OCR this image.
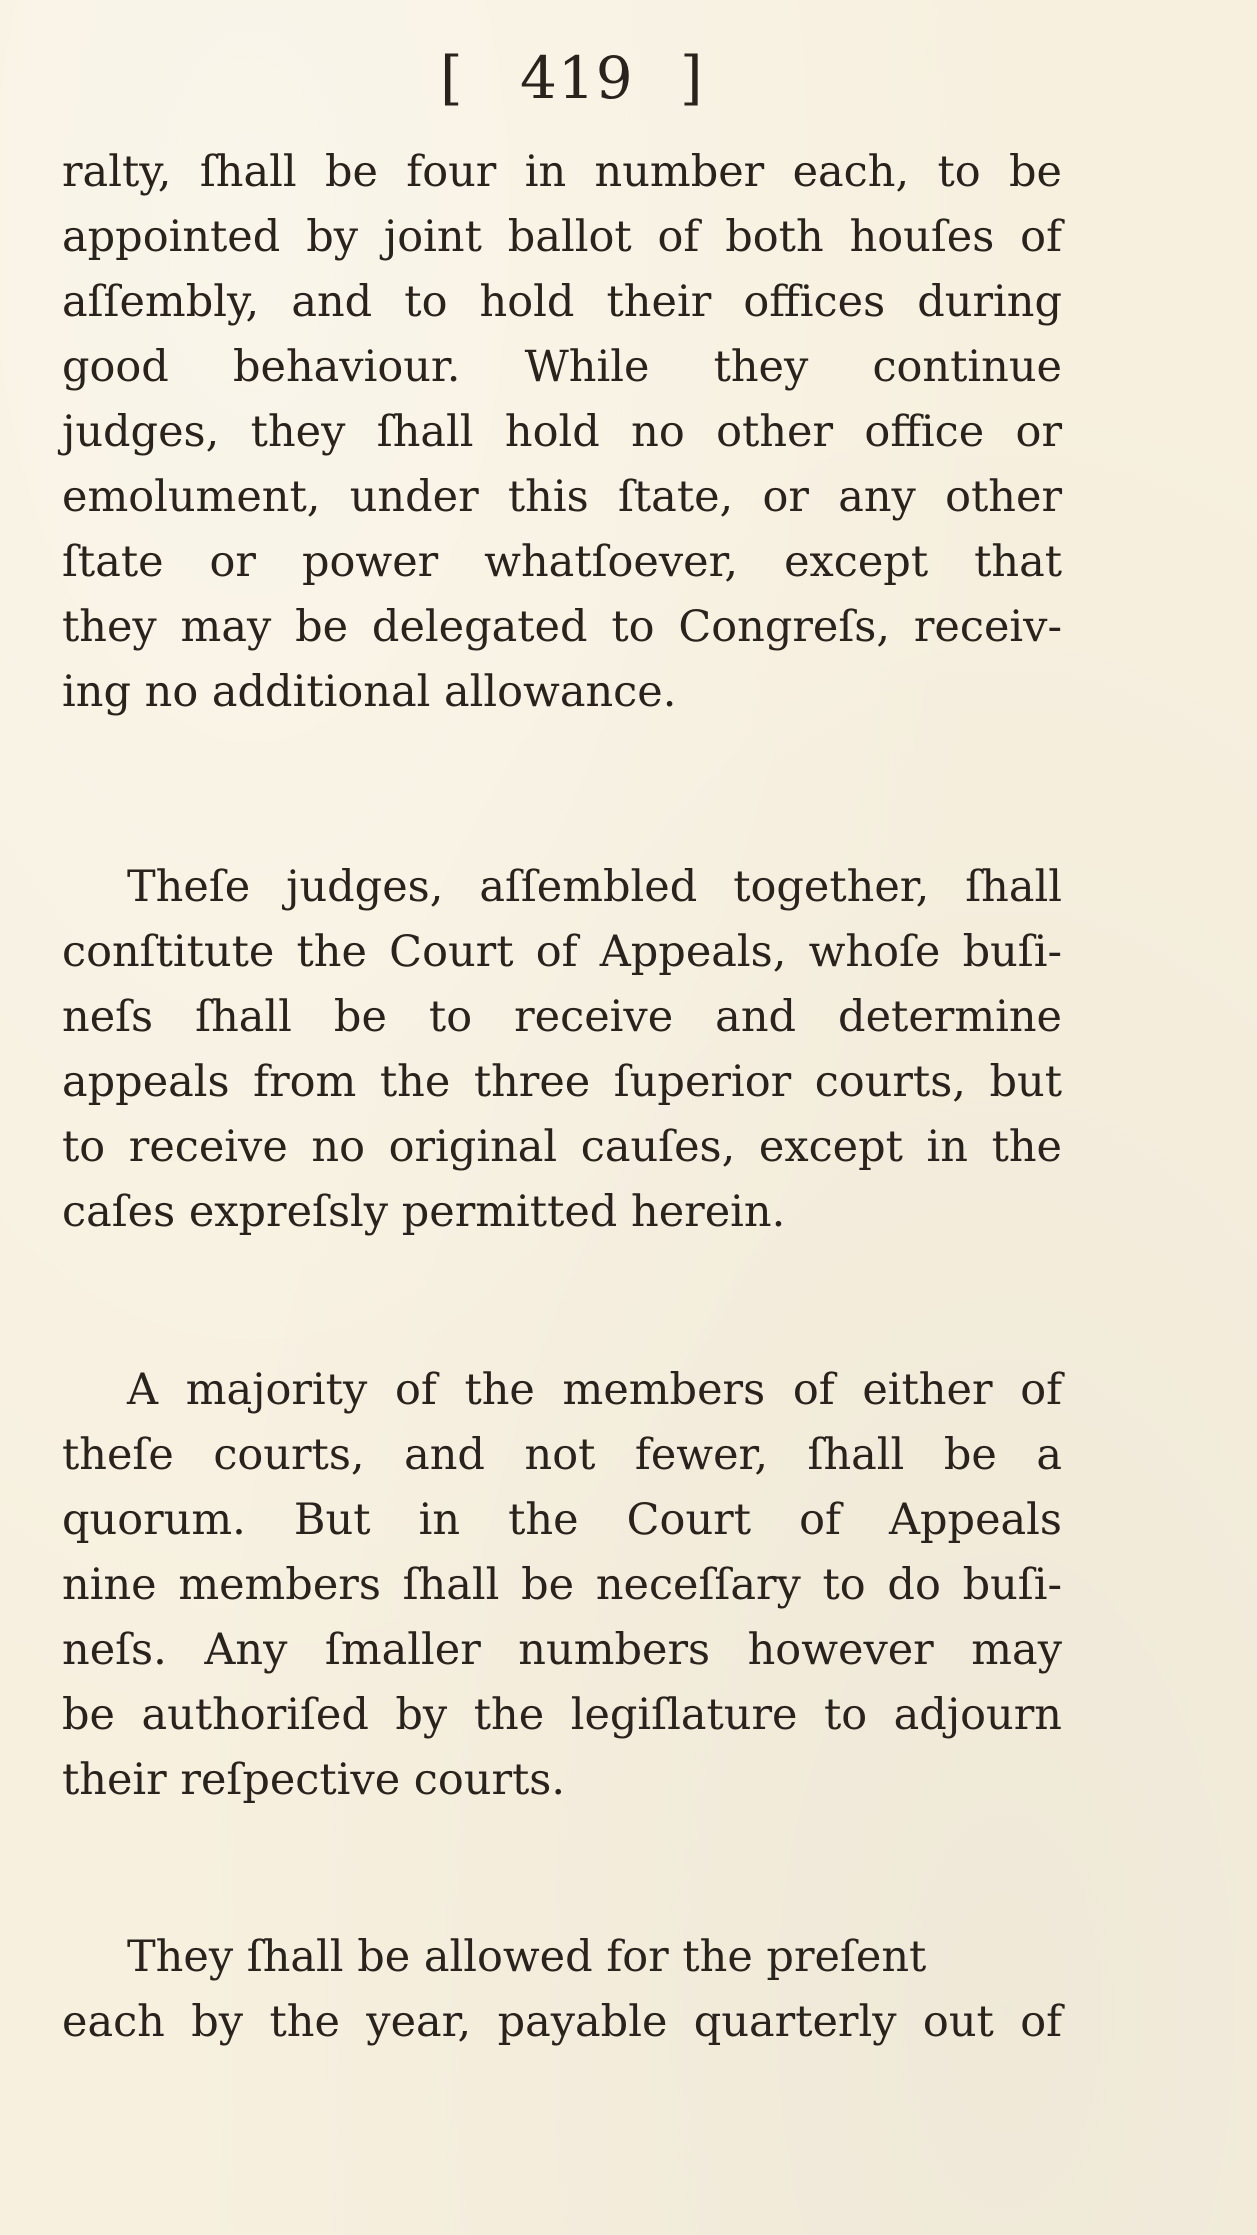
[ 419 ]
ralty, ſhall be four in number each, to be
appointed by joint ballot of both houſes of
aſſembly, and to hold their offices during
good behaviour. While they continue
judges, they ſhall hold no other office or
emolument, under this ſtate, or any other
ſtate or power whatſoever, except that
they may be delegated to Congreſs, receiv-
ing no additional allowance.
Theſe judges, aſſembled together, ſhall
conſtitute the Court of Appeals, whoſe buſi-
neſs ſhall be to receive and determine
appeals from the three ſuperior courts, but
to receive no original cauſes, except in the
caſes expreſsly permitted herein.
A majority of the members of either of
theſe courts, and not fewer, ſhall be a
quorum. But in the Court of Appeals
nine members ſhall be neceſſary to do buſi-
neſs. Any ſmaller numbers however may
be authoriſed by the legiſlature to adjourn
their reſpective courts.
They ſhall be allowed for the preſent
each by the year, payable quarterly out of
